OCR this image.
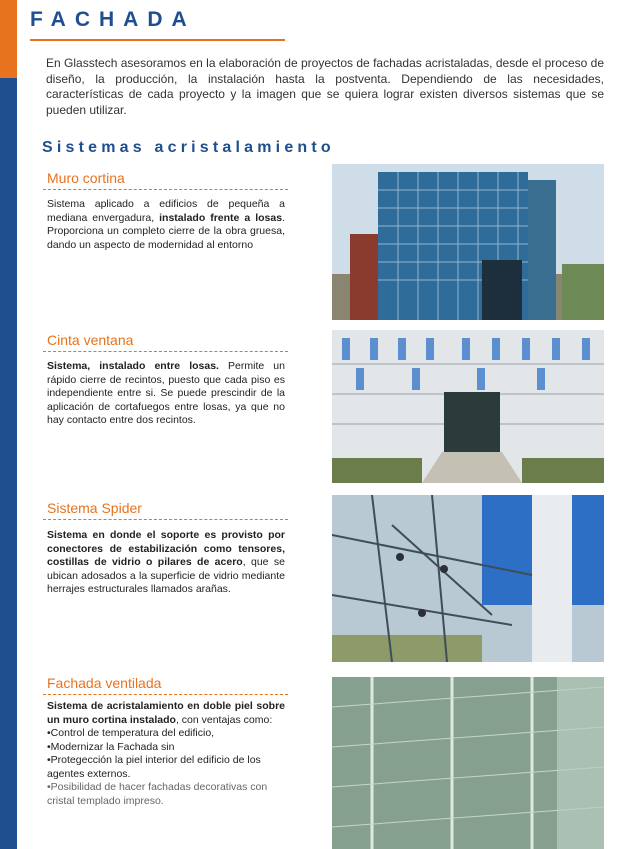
FACHADA
En Glasstech asesoramos en la elaboración de proyectos de fachadas acristaladas, desde el proceso de diseño, la producción, la instalación hasta la postventa. Dependiendo de las necesidades, características de cada proyecto y la imagen que se quiera lograr existen diversos sistemas que se pueden utilizar.
Sistemas acristalamiento
Muro cortina
Sistema aplicado a edificios de pequeña a mediana envergadura, instalado frente a losas. Proporciona un completo cierre de la obra gruesa, dando un aspecto de modernidad al entorno
Cinta ventana
Sistema, instalado entre losas. Permite un rápido cierre de recintos, puesto que cada piso es independiente entre si. Se puede prescindir de la aplicación de cortafuegos entre losas, ya que no hay contacto entre dos recintos.
Sistema Spider
Sistema en donde el soporte es provisto por conectores de estabilización como tensores, costillas de vidrio o pilares de acero, que se ubican adosados a la superficie de vidrio mediante herrajes estructurales llamados arañas.
Fachada ventilada
Sistema de acristalamiento en doble piel sobre un muro cortina instalado, con ventajas como:
•Control de temperatura del edificio,
•Modernizar la Fachada sin
•Protegección la piel interior del edificio de los agentes externos.
•Posibilidad de hacer fachadas decorativas con cristal templado impreso.
